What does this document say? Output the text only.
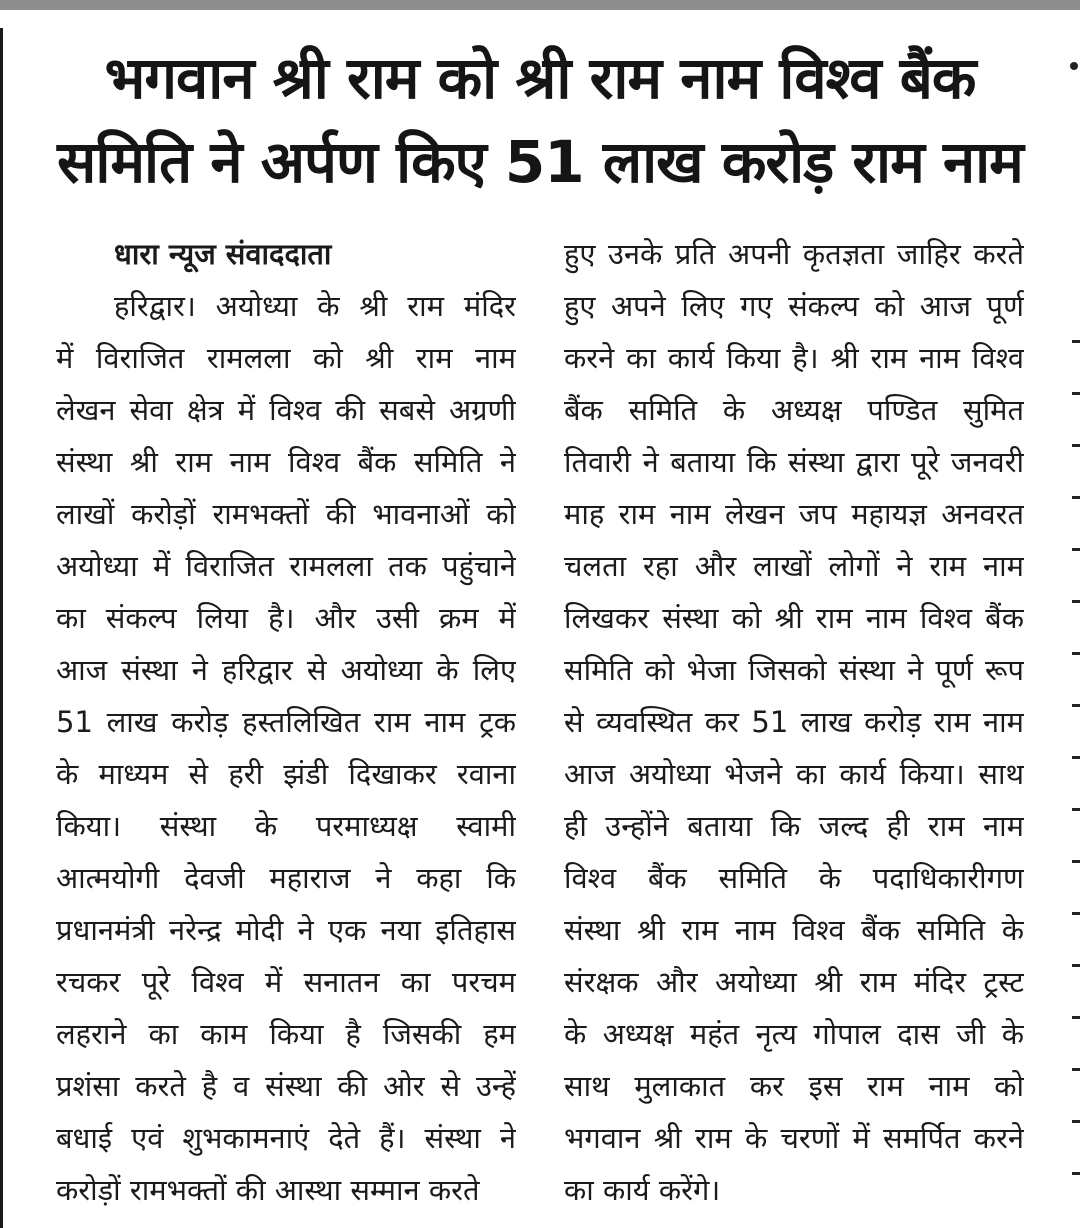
भगवान श्री राम को श्री राम नाम विश्व बैंक
समिति ने अर्पण किए 51 लाख करोड़ राम नाम
धारा न्यूज संवाददाता
हरिद्वार। अयोध्या के श्री राम मंदिर
में विराजित रामलला को श्री राम नाम
लेखन सेवा क्षेत्र में विश्व की सबसे अग्रणी
संस्था श्री राम नाम विश्व बैंक समिति ने
लाखों करोड़ों रामभक्तों की भावनाओं को
अयोध्या में विराजित रामलला तक पहुंचाने
का संकल्प लिया है। और उसी क्रम में
आज संस्था ने हरिद्वार से अयोध्या के लिए
51 लाख करोड़ हस्तलिखित राम नाम ट्रक
के माध्यम से हरी झंडी दिखाकर रवाना
किया। संस्था के परमाध्यक्ष स्वामी
आत्मयोगी देवजी महाराज ने कहा कि
प्रधानमंत्री नरेन्द्र मोदी ने एक नया इतिहास
रचकर पूरे विश्व में सनातन का परचम
लहराने का काम किया है जिसकी हम
प्रशंसा करते है व संस्था की ओर से उन्हें
बधाई एवं शुभकामनाएं देते हैं। संस्था ने
करोड़ों रामभक्तों की आस्था सम्मान करते
हुए उनके प्रति अपनी कृतज्ञता जाहिर करते
हुए अपने लिए गए संकल्प को आज पूर्ण
करने का कार्य किया है। श्री राम नाम विश्व
बैंक समिति के अध्यक्ष पण्डित सुमित
तिवारी ने बताया कि संस्था द्वारा पूरे जनवरी
माह राम नाम लेखन जप महायज्ञ अनवरत
चलता रहा और लाखों लोगों ने राम नाम
लिखकर संस्था को श्री राम नाम विश्व बैंक
समिति को भेजा जिसको संस्था ने पूर्ण रूप
से व्यवस्थित कर 51 लाख करोड़ राम नाम
आज अयोध्या भेजने का कार्य किया। साथ
ही उन्होंने बताया कि जल्द ही राम नाम
विश्व बैंक समिति के पदाधिकारीगण
संस्था श्री राम नाम विश्व बैंक समिति के
संरक्षक और अयोध्या श्री राम मंदिर ट्रस्ट
के अध्यक्ष महंत नृत्य गोपाल दास जी के
साथ मुलाकात कर इस राम नाम को
भगवान श्री राम के चरणों में समर्पित करने
का कार्य करेंगे।
